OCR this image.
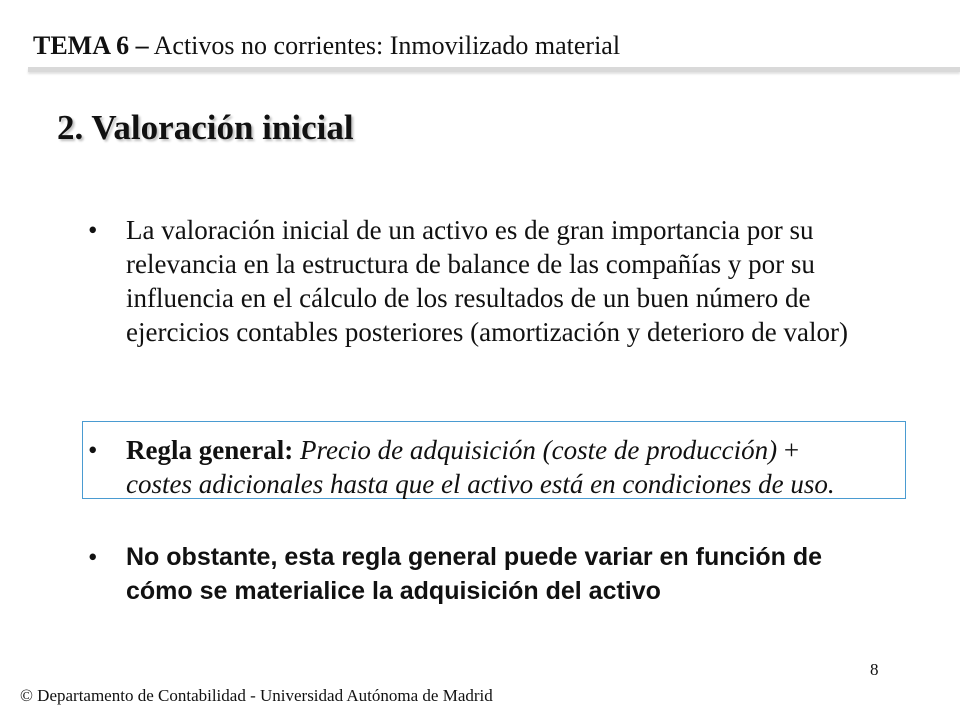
TEMA 6 – Activos no corrientes: Inmovilizado material
2. Valoración inicial
• La valoración inicial de un activo es de gran importancia por su relevancia en la estructura de balance de las compañías y por su influencia en el cálculo de los resultados de un buen número de ejercicios contables posteriores (amortización y deterioro de valor)
• Regla general: Precio de adquisición (coste de producción) + costes adicionales hasta que el activo está en condiciones de uso.
• No obstante, esta regla general puede variar en función de cómo se materialice la adquisición del activo
8
© Departamento de Contabilidad - Universidad Autónoma de Madrid
